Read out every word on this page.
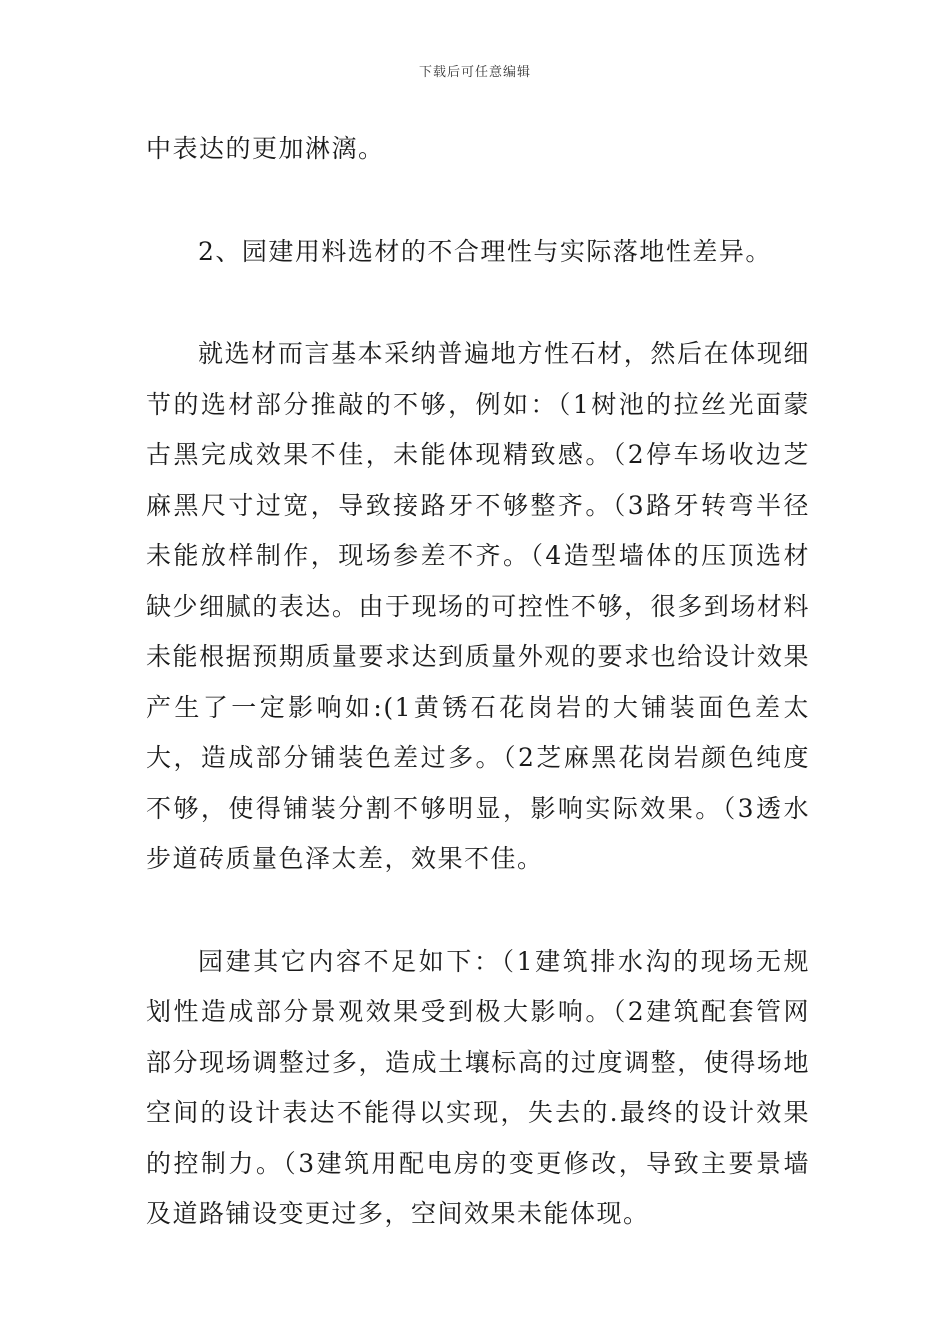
下载后可任意编辑

中表达的更加淋漓。

2、园建用料选材的不合理性与实际落地性差异。

就选材而言基本采纳普遍地方性石材，然后在体现细节的选材部分推敲的不够，例如：（1树池的拉丝光面蒙古黑完成效果不佳，未能体现精致感。（2停车场收边芝麻黑尺寸过宽，导致接路牙不够整齐。（3路牙转弯半径未能放样制作，现场参差不齐。（4造型墙体的压顶选材缺少细腻的表达。由于现场的可控性不够，很多到场材料未能根据预期质量要求达到质量外观的要求也给设计效果产生了一定影响如:(1黄锈石花岗岩的大铺装面色差太大，造成部分铺装色差过多。（2芝麻黑花岗岩颜色纯度不够，使得铺装分割不够明显，影响实际效果。（3透水步道砖质量色泽太差，效果不佳。

园建其它内容不足如下：（1建筑排水沟的现场无规划性造成部分景观效果受到极大影响。（2建筑配套管网部分现场调整过多，造成土壤标高的过度调整，使得场地空间的设计表达不能得以实现，失去的.最终的设计效果的控制力。（3建筑用配电房的变更修改，导致主要景墙及道路铺设变更过多，空间效果未能体现。
